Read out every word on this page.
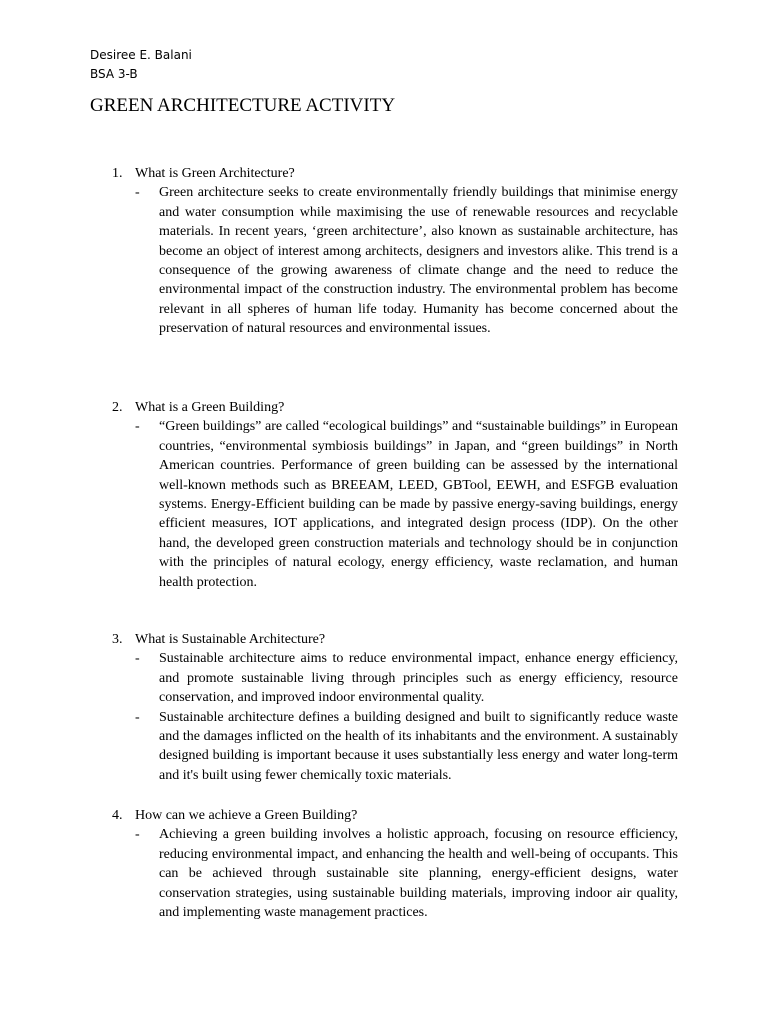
Desiree E. Balani
BSA 3-B
GREEN ARCHITECTURE ACTIVITY
1. What is Green Architecture?
-	Green architecture seeks to create environmentally friendly buildings that minimise energy and water consumption while maximising the use of renewable resources and recyclable materials. In recent years, ‘green architecture’, also known as sustainable architecture, has become an object of interest among architects, designers and investors alike. This trend is a consequence of the growing awareness of climate change and the need to reduce the environmental impact of the construction industry. The environmental problem has become relevant in all spheres of human life today. Humanity has become concerned about the preservation of natural resources and environmental issues.
2. What is a Green Building?
-	“Green buildings” are called “ecological buildings” and “sustainable buildings” in European countries, “environmental symbiosis buildings” in Japan, and “green buildings” in North American countries. Performance of green building can be assessed by the international well-known methods such as BREEAM, LEED, GBTool, EEWH, and ESFGB evaluation systems. Energy-Efficient building can be made by passive energy-saving buildings, energy efficient measures, IOT applications, and integrated design process (IDP). On the other hand, the developed green construction materials and technology should be in conjunction with the principles of natural ecology, energy efficiency, waste reclamation, and human health protection.
3. What is Sustainable Architecture?
-	Sustainable architecture aims to reduce environmental impact, enhance energy efficiency, and promote sustainable living through principles such as energy efficiency, resource conservation, and improved indoor environmental quality.
-	Sustainable architecture defines a building designed and built to significantly reduce waste and the damages inflicted on the health of its inhabitants and the environment. A sustainably designed building is important because it uses substantially less energy and water long-term and it's built using fewer chemically toxic materials.
4. How can we achieve a Green Building?
-	Achieving a green building involves a holistic approach, focusing on resource efficiency, reducing environmental impact, and enhancing the health and well-being of occupants. This can be achieved through sustainable site planning, energy-efficient designs, water conservation strategies, using sustainable building materials, improving indoor air quality, and implementing waste management practices.
